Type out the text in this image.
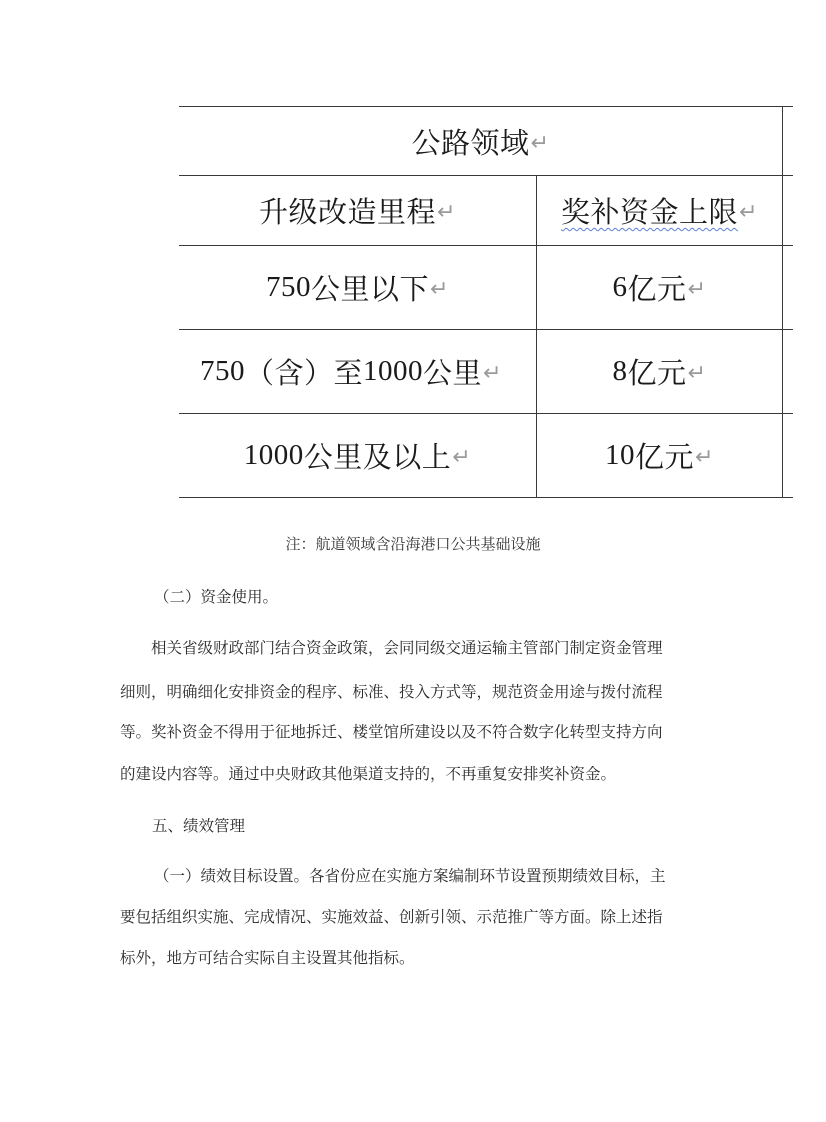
公路领域 ↵
升级改造里程 ↵	奖补资金上限 ↵
750 公里以下 ↵	6 亿元 ↵
750 （含）至 1000 公里 ↵	8 亿元 ↵
1000 公里及以上 ↵	10 亿元 ↵
注：航道领域含沿海港口公共基础设施
（二）资金使用。
相关省级财政部门结合资金政策，会同同级交通运输主管部门制定资金管理
细则，明确细化安排资金的程序、标准、投入方式等，规范资金用途与拨付流程
等。奖补资金不得用于征地拆迁、楼堂馆所建设以及不符合数字化转型支持方向
的建设内容等。通过中央财政其他渠道支持的，不再重复安排奖补资金。
五、绩效管理
（一）绩效目标设置。各省份应在实施方案编制环节设置预期绩效目标，主
要包括组织实施、完成情况、实施效益、创新引领、示范推广等方面。除上述指
标外，地方可结合实际自主设置其他指标。
